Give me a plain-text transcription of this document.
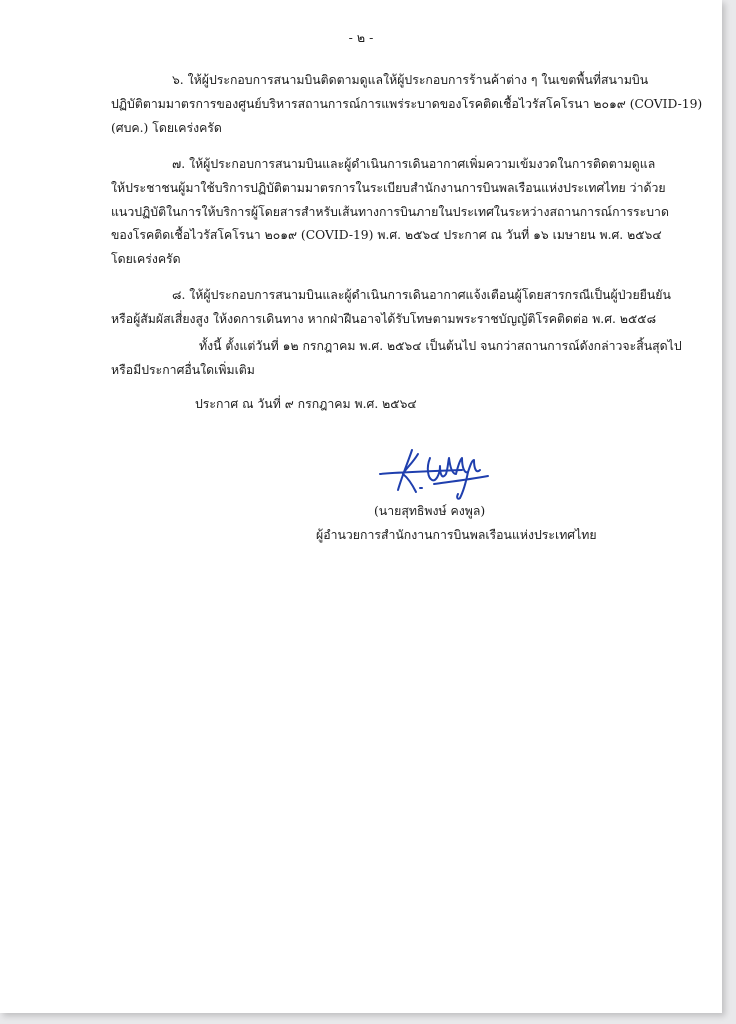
- ๒ -
๖. ให้ผู้ประกอบการสนามบินติดตามดูแลให้ผู้ประกอบการร้านค้าต่าง ๆ ในเขตพื้นที่สนามบิน
ปฏิบัติตามมาตรการของศูนย์บริหารสถานการณ์การแพร่ระบาดของโรคติดเชื้อไวรัสโคโรนา ๒๐๑๙ (COVID-19)
(ศบค.) โดยเคร่งครัด
๗. ให้ผู้ประกอบการสนามบินและผู้ดำเนินการเดินอากาศเพิ่มความเข้มงวดในการติดตามดูแล
ให้ประชาชนผู้มาใช้บริการปฏิบัติตามมาตรการในระเบียบสำนักงานการบินพลเรือนแห่งประเทศไทย ว่าด้วย
แนวปฏิบัติในการให้บริการผู้โดยสารสำหรับเส้นทางการบินภายในประเทศในระหว่างสถานการณ์การระบาด
ของโรคติดเชื้อไวรัสโคโรนา ๒๐๑๙ (COVID-19) พ.ศ. ๒๕๖๔ ประกาศ ณ วันที่ ๑๖ เมษายน พ.ศ. ๒๕๖๔
โดยเคร่งครัด
๘. ให้ผู้ประกอบการสนามบินและผู้ดำเนินการเดินอากาศแจ้งเตือนผู้โดยสารกรณีเป็นผู้ป่วยยืนยัน
หรือผู้สัมผัสเสี่ยงสูง ให้งดการเดินทาง หากฝ่าฝืนอาจได้รับโทษตามพระราชบัญญัติโรคติดต่อ พ.ศ. ๒๕๕๘
ทั้งนี้ ตั้งแต่วันที่ ๑๒ กรกฎาคม พ.ศ. ๒๕๖๔ เป็นต้นไป จนกว่าสถานการณ์ดังกล่าวจะสิ้นสุดไป
หรือมีประกาศอื่นใดเพิ่มเติม
ประกาศ ณ วันที่ ๙ กรกฎาคม พ.ศ. ๒๕๖๔
(นายสุทธิพงษ์ คงพูล)
ผู้อำนวยการสำนักงานการบินพลเรือนแห่งประเทศไทย
